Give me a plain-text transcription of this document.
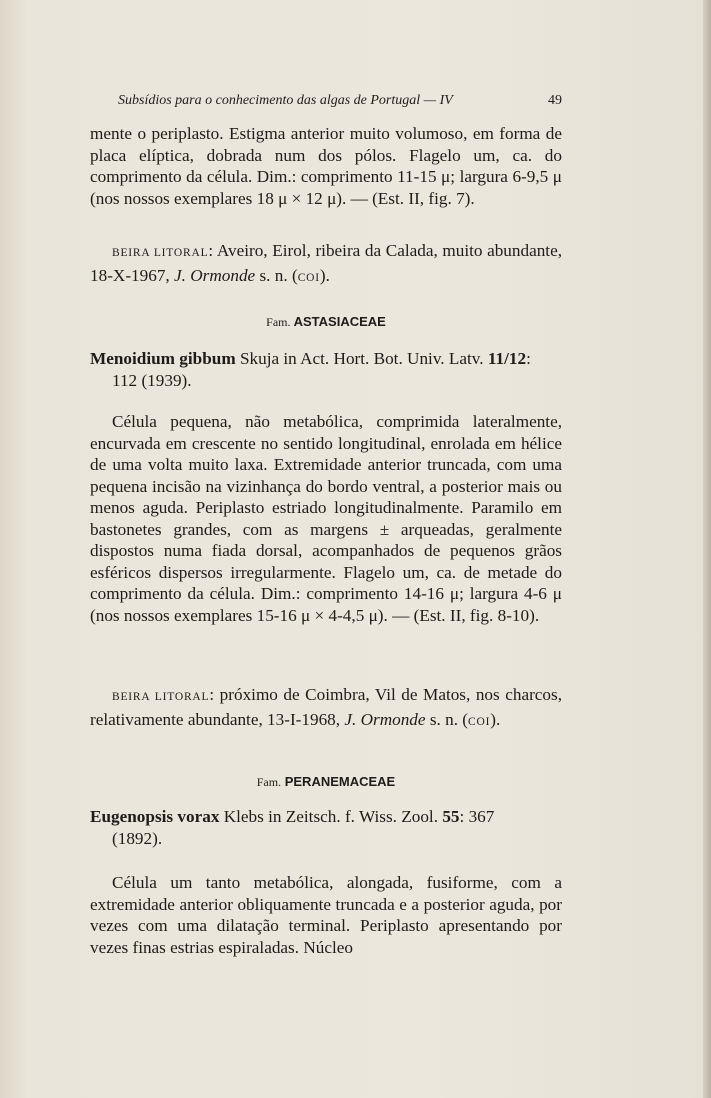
Subsídios para o conhecimento das algas de Portugal — IV	49

mente o periplasto. Estigma anterior muito volumoso, em forma de placa elíptica, dobrada num dos pólos. Flagelo um, ca. do comprimento da célula. Dim.: comprimento 11-15 μ; largura 6-9,5 μ (nos nossos exemplares 18 μ × 12 μ). — (Est. II, fig. 7).

BEIRA LITORAL: Aveiro, Eirol, ribeira da Calada, muito abundante, 18-X-1967, J. Ormonde s. n. (COI).

Fam. ASTASIACEAE
Menoidium gibbum Skuja in Act. Hort. Bot. Univ. Latv. 11/12:
112 (1939).

Célula pequena, não metabólica, comprimida lateralmente, encurvada em crescente no sentido longitudinal, enrolada em hélice de uma volta muito laxa. Extremidade anterior truncada, com uma pequena incisão na vizinhança do bordo ventral, a posterior mais ou menos aguda. Periplasto estriado longitudinalmente. Paramilo em bastonetes grandes, com as margens ± arqueadas, geralmente dispostos numa fiada dorsal, acompanhados de pequenos grãos esféricos dispersos irregularmente. Flagelo um, ca. de metade do comprimento da célula. Dim.: comprimento 14-16 μ; largura 4-6 μ (nos nossos exemplares 15-16 μ × 4-4,5 μ). — (Est. II, fig. 8-10).

BEIRA LITORAL: próximo de Coimbra, Vil de Matos, nos charcos, relativamente abundante, 13-I-1968, J. Ormonde s. n. (COI).

Fam. PERANEMACEAE
Eugenopsis vorax Klebs in Zeitsch. f. Wiss. Zool. 55: 367
(1892).

Célula um tanto metabólica, alongada, fusiforme, com a extremidade anterior obliquamente truncada e a posterior aguda, por vezes com uma dilatação terminal. Periplasto apresentando por vezes finas estrias espiraladas. Núcleo
